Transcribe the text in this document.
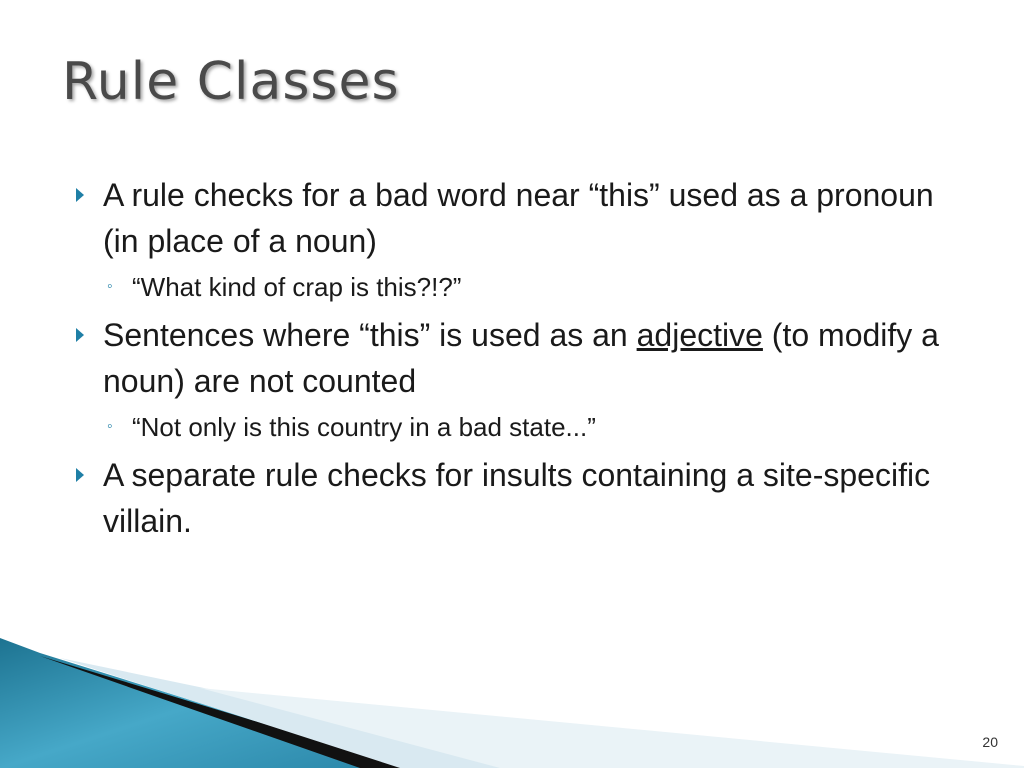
Rule Classes
A rule checks for a bad word near “this” used as a pronoun (in place of a noun)
◦ “What kind of crap is this?!?”
Sentences where “this” is used as an adjective (to modify a noun) are not counted
◦ “Not only is this country in a bad state...”
A separate rule checks for insults containing a site-specific villain.
20
